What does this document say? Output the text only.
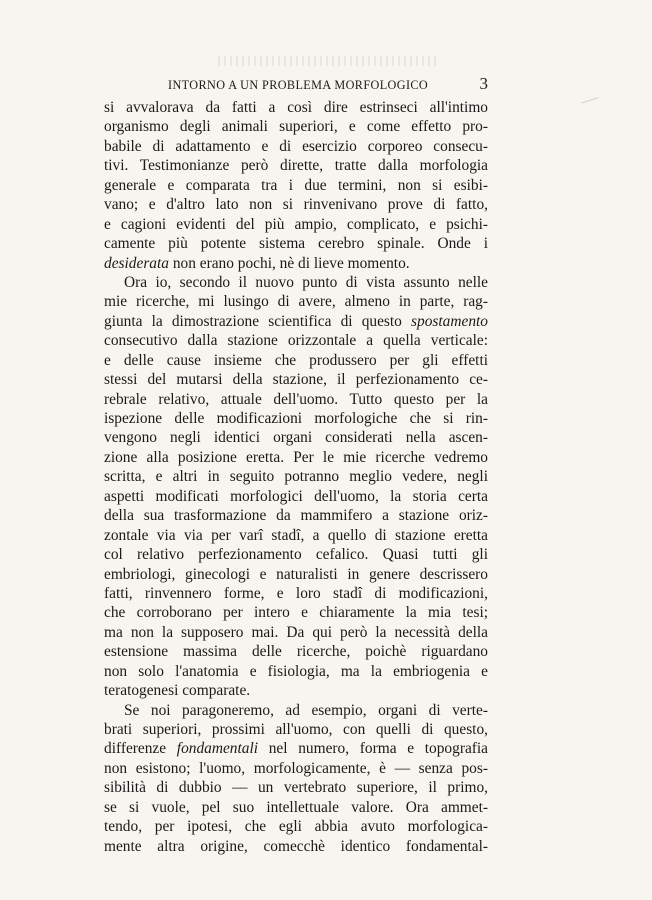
INTORNO A UN PROBLEMA MORFOLOGICO	3
si avvalorava da fatti a così dire estrinseci all'intimo
organismo degli animali superiori, e come effetto pro-
babile di adattamento e di esercizio corporeo consecu-
tivi. Testimonianze però dirette, tratte dalla morfologia
generale e comparata tra i due termini, non si esibi-
vano; e d'altro lato non si rinvenivano prove di fatto,
e cagioni evidenti del più ampio, complicato, e psichi-
camente più potente sistema cerebro spinale. Onde i
desiderata non erano pochi, nè di lieve momento.
Ora io, secondo il nuovo punto di vista assunto nelle
mie ricerche, mi lusingo di avere, almeno in parte, rag-
giunta la dimostrazione scientifica di questo spostamento
consecutivo dalla stazione orizzontale a quella verticale:
e delle cause insieme che produssero per gli effetti
stessi del mutarsi della stazione, il perfezionamento ce-
rebrale relativo, attuale dell'uomo. Tutto questo per la
ispezione delle modificazioni morfologiche che si rin-
vengono negli identici organi considerati nella ascen-
zione alla posizione eretta. Per le mie ricerche vedremo
scritta, e altri in seguito potranno meglio vedere, negli
aspetti modificati morfologici dell'uomo, la storia certa
della sua trasformazione da mammifero a stazione oriz-
zontale via via per varî stadî, a quello di stazione eretta
col relativo perfezionamento cefalico. Quasi tutti gli
embriologi, ginecologi e naturalisti in genere descrissero
fatti, rinvennero forme, e loro stadî di modificazioni,
che corroborano per intero e chiaramente la mia tesi;
ma non la supposero mai. Da qui però la necessità della
estensione massima delle ricerche, poichè riguardano
non solo l'anatomia e fisiologia, ma la embriogenia e
teratogenesi comparate.
Se noi paragoneremo, ad esempio, organi di verte-
brati superiori, prossimi all'uomo, con quelli di questo,
differenze fondamentali nel numero, forma e topografia
non esistono; l'uomo, morfologicamente, è — senza pos-
sibilità di dubbio — un vertebrato superiore, il primo,
se si vuole, pel suo intellettuale valore. Ora ammet-
tendo, per ipotesi, che egli abbia avuto morfologica-
mente altra origine, comecchè identico fondamental-
